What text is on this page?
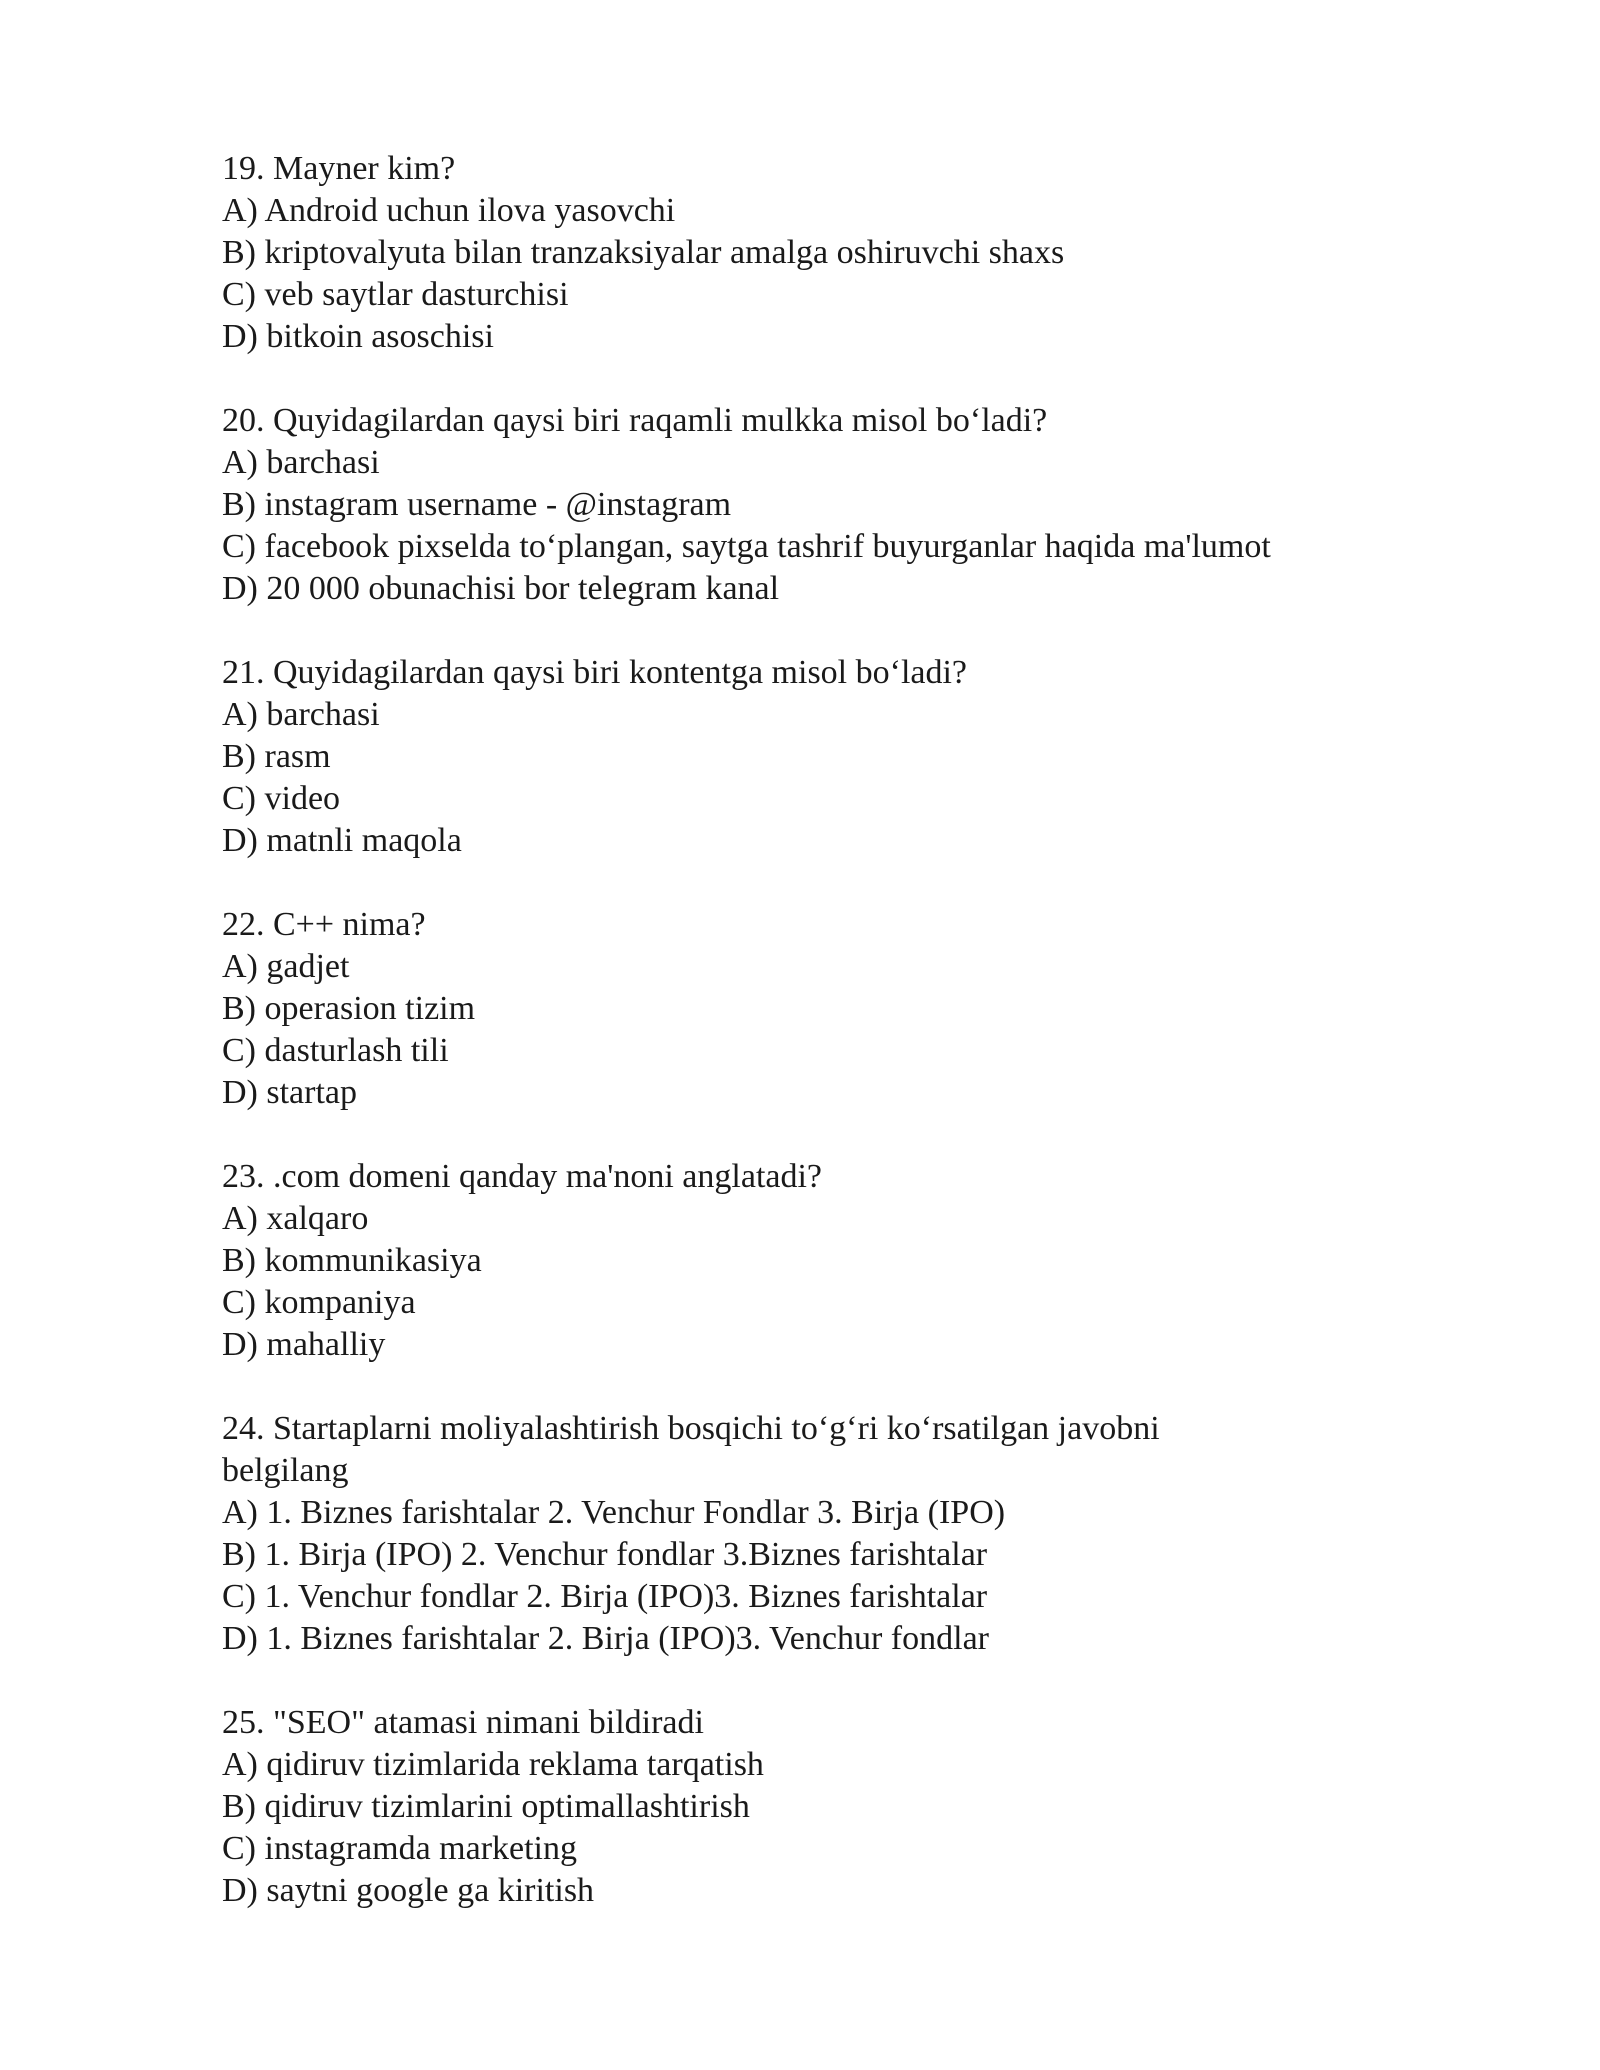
19. Mayner kim?
A) Android uchun ilova yasovchi
B) kriptovalyuta bilan tranzaksiyalar amalga oshiruvchi shaxs
C) veb saytlar dasturchisi
D) bitkoin asoschisi
20. Quyidagilardan qaysi biri raqamli mulkka misol bo‘ladi?
A) barchasi
B) instagram username - @instagram
C) facebook pixselda to‘plangan, saytga tashrif buyurganlar haqida ma'lumot
D) 20 000 obunachisi bor telegram kanal
21. Quyidagilardan qaysi biri kontentga misol bo‘ladi?
A) barchasi
B) rasm
C) video
D) matnli maqola
22. C++ nima?
A) gadjet
B) operasion tizim
C) dasturlash tili
D) startap
23. .com domeni qanday ma'noni anglatadi?
A) xalqaro
B) kommunikasiya
C) kompaniya
D) mahalliy
24. Startaplarni moliyalashtirish bosqichi to‘g‘ri ko‘rsatilgan javobni belgilang
A) 1. Biznes farishtalar 2. Venchur Fondlar 3. Birja (IPO)
B) 1. Birja (IPO) 2. Venchur fondlar 3.Biznes farishtalar
C) 1. Venchur fondlar 2. Birja (IPO)3. Biznes farishtalar
D) 1. Biznes farishtalar 2. Birja (IPO)3. Venchur fondlar
25. "SEO" atamasi nimani bildiradi
A) qidiruv tizimlarida reklama tarqatish
B) qidiruv tizimlarini optimallashtirish
C) instagramda marketing
D) saytni google ga kiritish
